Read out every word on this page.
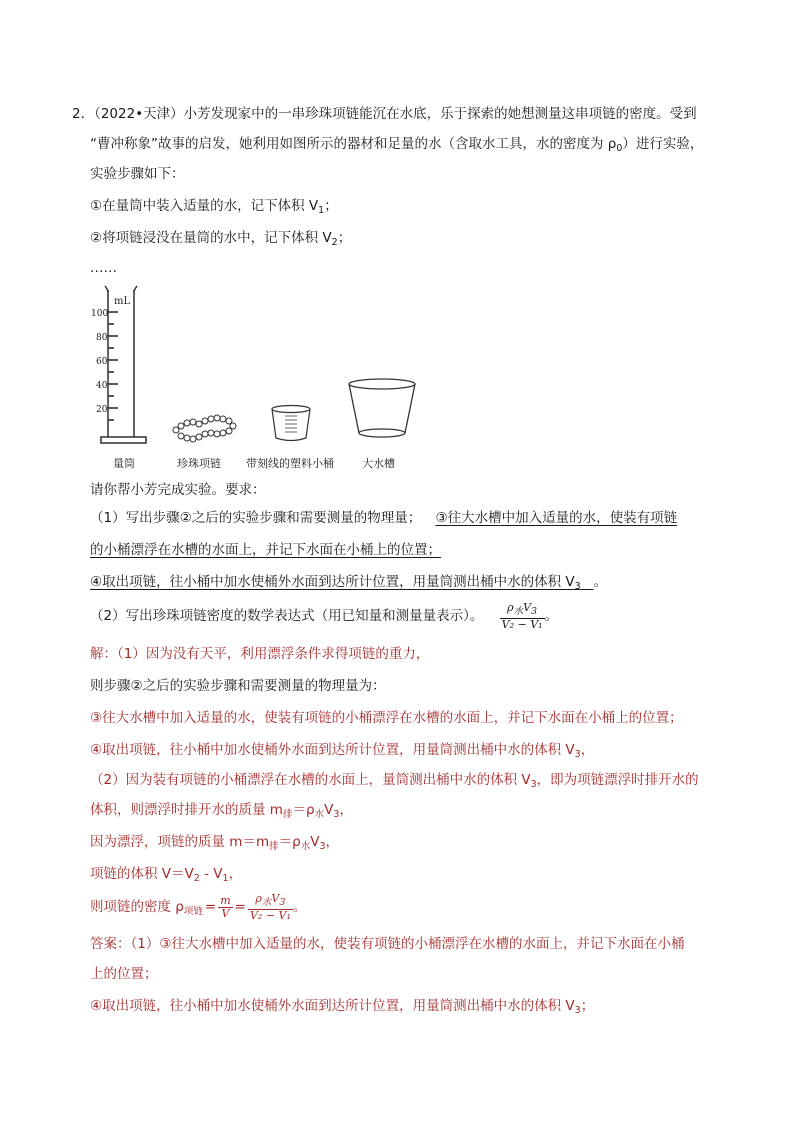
2．（2022•天津）小芳发现家中的一串珍珠项链能沉在水底，乐于探索的她想测量这串项链的密度。受到
“曹冲称象”故事的启发，她利用如图所示的器材和足量的水（含取水工具，水的密度为 $\rho_0$）进行实验，
实验步骤如下：
①在量筒中装入适量的水，记下体积 $V_1$；
②将项链浸没在量筒的水中，记下体积 $V_2$；
……
mL
100
80
60
40
20
量筒	珍珠项链 带刻线的塑料小桶	大水槽
请你帮小芳完成实验。要求：
（1）写出步骤②之后的实验步骤和需要测量的物理量； ③往大水槽中加入适量的水，使装有项链
的小桶漂浮在水槽的水面上，并记下水面在小桶上的位置；
④取出项链，往小桶中加水使桶外水面到达所计位置，用量筒测出桶中水的体积 $V_3$ 。
（2）写出珍珠项链密度的数学表达式（用已知量和测量量表示）。 $\frac{\text{ρ水V3}}{\text{V₂ − V₁}}$ 。
解：（1）因为没有天平，利用漂浮条件求得项链的重力，
则步骤②之后的实验步骤和需要测量的物理量为：
③往大水槽中加入适量的水，使装有项链的小桶漂浮在水槽的水面上，并记下水面在小桶上的位置；
④取出项链，往小桶中加水使桶外水面到达所计位置，用量筒测出桶中水的体积 $V_3$，
（2）因为装有项链的小桶漂浮在水槽的水面上，量筒测出桶中水的体积 $V_3$，即为项链漂浮时排开水的
体积，则漂浮时排开水的质量 $m_排=\rho_水V_3$，
因为漂浮，项链的质量 $m=m_排=\rho_水V_3$，
项链的体积 $V=V_2 - V_1$，
则项链的密度 $\rho_{项链} = \frac{m}{V} = \frac{\text{ρ水V3}}{\text{V₂ − V₁}}$ 。
答案：（1）③往大水槽中加入适量的水，使装有项链的小桶漂浮在水槽的水面上，并记下水面在小桶
上的位置；
④取出项链，往小桶中加水使桶外水面到达所计位置，用量筒测出桶中水的体积 $V_3$；
